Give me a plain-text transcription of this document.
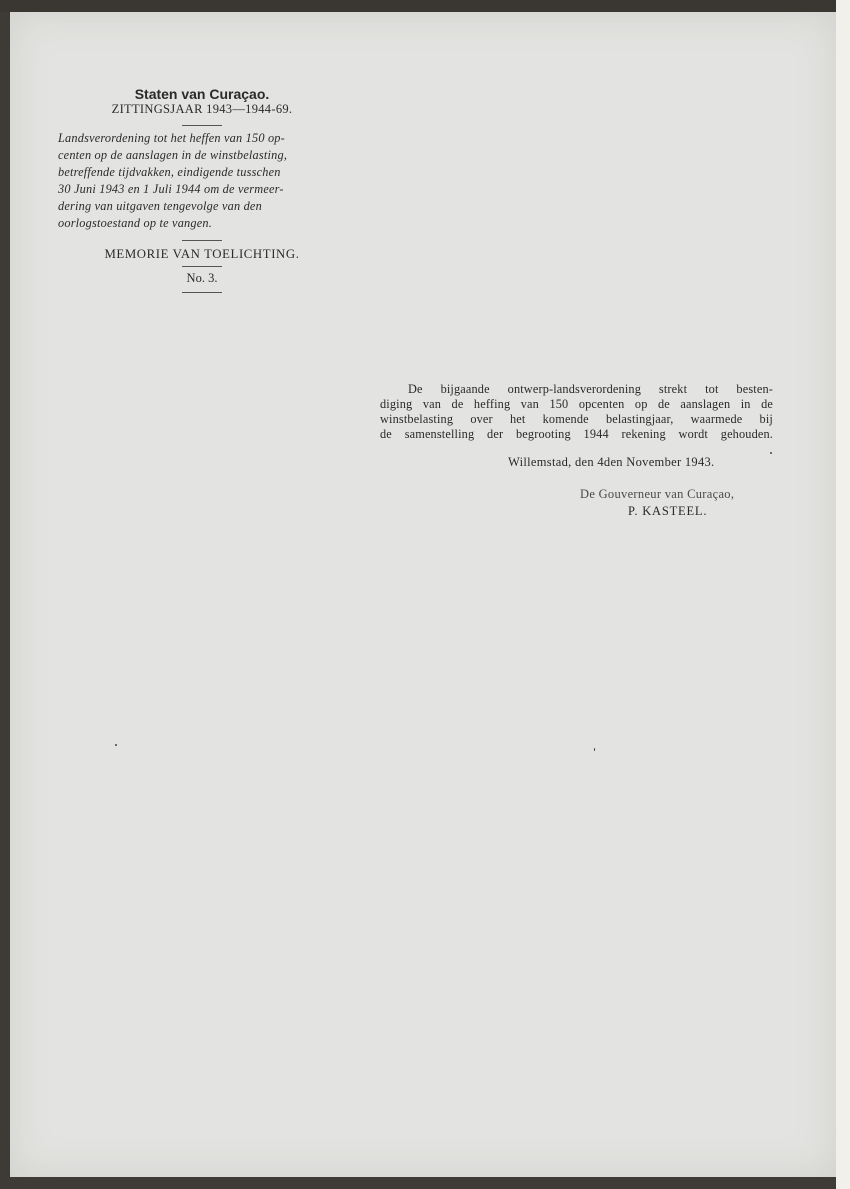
Staten van Curaçao.
ZITTINGSJAAR 1943—1944-69.
Landsverordening tot het heffen van 150 op-
centen op de aanslagen in de winstbelasting,
betreffende tijdvakken, eindigende tusschen
30 Juni 1943 en 1 Juli 1944 om de vermeer-
dering van uitgaven tengevolge van den
oorlogstoestand op te vangen.
MEMORIE VAN TOELICHTING.
No. 3.
De bijgaande ontwerp-landsverordening strekt tot besten-
diging van de heffing van 150 opcenten op de aanslagen in de
winstbelasting over het komende belastingjaar, waarmede bij
de samenstelling der begrooting 1944 rekening wordt gehouden.
Willemstad, den 4den November 1943.
De Gouverneur van Curaçao,
P. KASTEEL.
